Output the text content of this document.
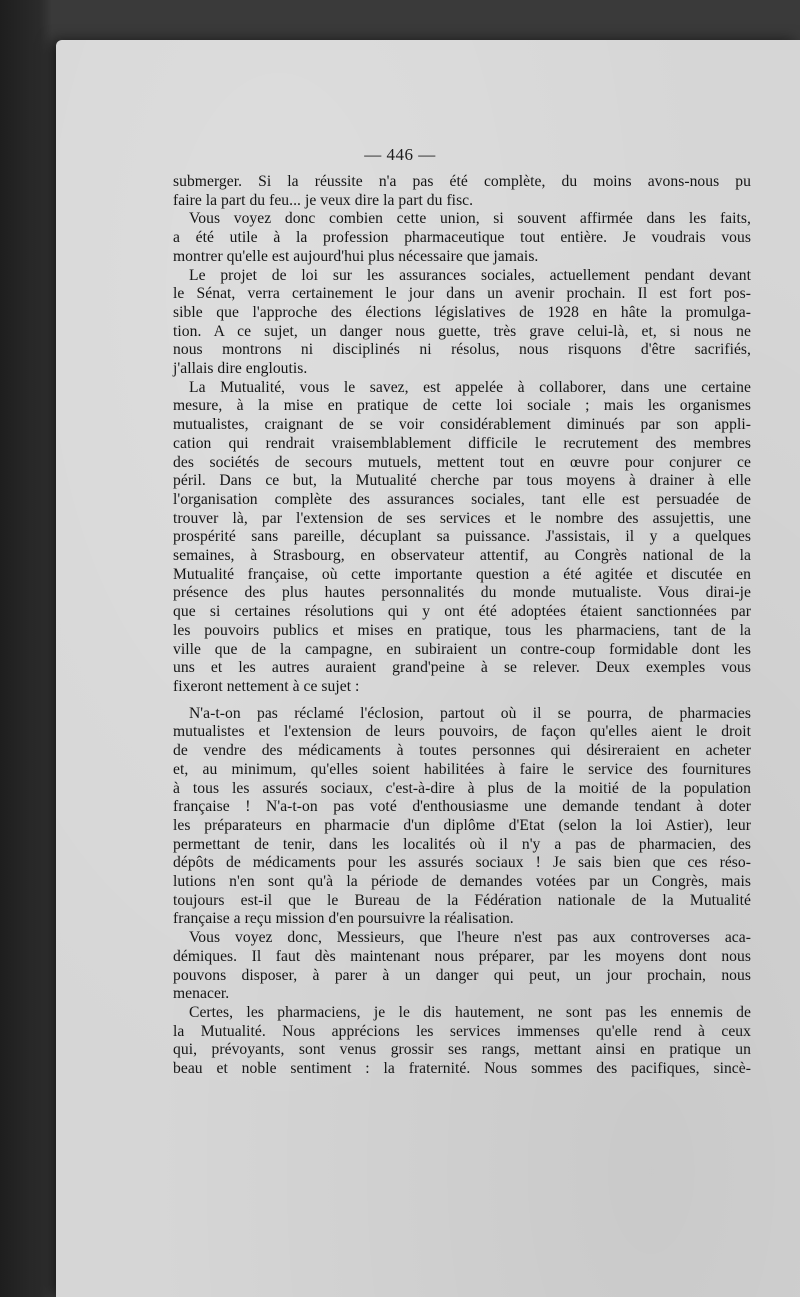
— 446 —

submerger. Si la réussite n'a pas été complète, du moins avons-nous pu

faire la part du feu... je veux dire la part du fisc.

Vous voyez donc combien cette union, si souvent affirmée dans les faits,

a été utile à la profession pharmaceutique tout entière. Je voudrais vous

montrer qu'elle est aujourd'hui plus nécessaire que jamais.

Le projet de loi sur les assurances sociales, actuellement pendant devant

le Sénat, verra certainement le jour dans un avenir prochain. Il est fort pos-

sible que l'approche des élections législatives de 1928 en hâte la promulga-

tion. A ce sujet, un danger nous guette, très grave celui-là, et, si nous ne

nous montrons ni disciplinés ni résolus, nous risquons d'être sacrifiés,

j'allais dire engloutis.

La Mutualité, vous le savez, est appelée à collaborer, dans une certaine

mesure, à la mise en pratique de cette loi sociale ; mais les organismes

mutualistes, craignant de se voir considérablement diminués par son appli-

cation qui rendrait vraisemblablement difficile le recrutement des membres

des sociétés de secours mutuels, mettent tout en œuvre pour conjurer ce

péril. Dans ce but, la Mutualité cherche par tous moyens à drainer à elle

l'organisation complète des assurances sociales, tant elle est persuadée de

trouver là, par l'extension de ses services et le nombre des assujettis, une

prospérité sans pareille, décuplant sa puissance. J'assistais, il y a quelques

semaines, à Strasbourg, en observateur attentif, au Congrès national de la

Mutualité française, où cette importante question a été agitée et discutée en

présence des plus hautes personnalités du monde mutualiste. Vous dirai-je

que si certaines résolutions qui y ont été adoptées étaient sanctionnées par

les pouvoirs publics et mises en pratique, tous les pharmaciens, tant de la

ville que de la campagne, en subiraient un contre-coup formidable dont les

uns et les autres auraient grand'peine à se relever. Deux exemples vous

fixeront nettement à ce sujet :

N'a-t-on pas réclamé l'éclosion, partout où il se pourra, de pharmacies

mutualistes et l'extension de leurs pouvoirs, de façon qu'elles aient le droit

de vendre des médicaments à toutes personnes qui désireraient en acheter

et, au minimum, qu'elles soient habilitées à faire le service des fournitures

à tous les assurés sociaux, c'est-à-dire à plus de la moitié de la population

française ! N'a-t-on pas voté d'enthousiasme une demande tendant à doter

les préparateurs en pharmacie d'un diplôme d'Etat (selon la loi Astier), leur

permettant de tenir, dans les localités où il n'y a pas de pharmacien, des

dépôts de médicaments pour les assurés sociaux ! Je sais bien que ces réso-

lutions n'en sont qu'à la période de demandes votées par un Congrès, mais

toujours est-il que le Bureau de la Fédération nationale de la Mutualité

française a reçu mission d'en poursuivre la réalisation.

Vous voyez donc, Messieurs, que l'heure n'est pas aux controverses aca-

démiques. Il faut dès maintenant nous préparer, par les moyens dont nous

pouvons disposer, à parer à un danger qui peut, un jour prochain, nous

menacer.

Certes, les pharmaciens, je le dis hautement, ne sont pas les ennemis de

la Mutualité. Nous apprécions les services immenses qu'elle rend à ceux

qui, prévoyants, sont venus grossir ses rangs, mettant ainsi en pratique un

beau et noble sentiment : la fraternité. Nous sommes des pacifiques, sincè-
